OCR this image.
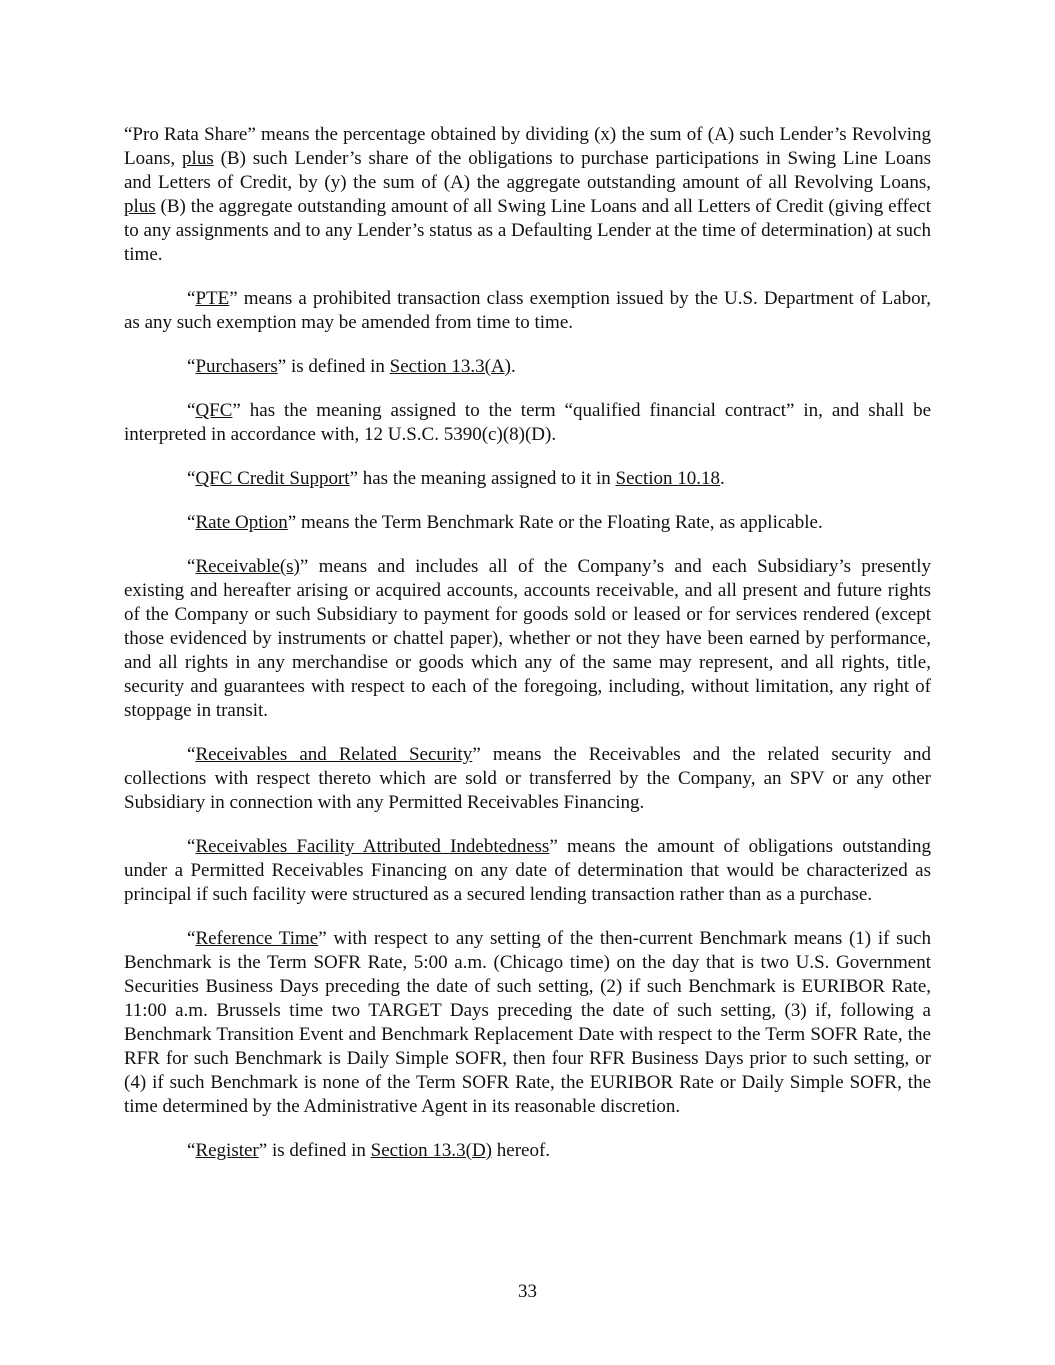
“Pro Rata Share” means the percentage obtained by dividing (x) the sum of (A) such Lender’s Revolving Loans, plus (B) such Lender’s share of the obligations to purchase participations in Swing Line Loans and Letters of Credit, by (y) the sum of (A) the aggregate outstanding amount of all Revolving Loans, plus (B) the aggregate outstanding amount of all Swing Line Loans and all Letters of Credit (giving effect to any assignments and to any Lender’s status as a Defaulting Lender at the time of determination) at such time.

“PTE” means a prohibited transaction class exemption issued by the U.S. Department of Labor, as any such exemption may be amended from time to time.

“Purchasers” is defined in Section 13.3(A).

“QFC” has the meaning assigned to the term “qualified financial contract” in, and shall be interpreted in accordance with, 12 U.S.C. 5390(c)(8)(D).

“QFC Credit Support” has the meaning assigned to it in Section 10.18.

“Rate Option” means the Term Benchmark Rate or the Floating Rate, as applicable.

“Receivable(s)” means and includes all of the Company’s and each Subsidiary’s presently existing and hereafter arising or acquired accounts, accounts receivable, and all present and future rights of the Company or such Subsidiary to payment for goods sold or leased or for services rendered (except those evidenced by instruments or chattel paper), whether or not they have been earned by performance, and all rights in any merchandise or goods which any of the same may represent, and all rights, title, security and guarantees with respect to each of the foregoing, including, without limitation, any right of stoppage in transit.

“Receivables and Related Security” means the Receivables and the related security and collections with respect thereto which are sold or transferred by the Company, an SPV or any other Subsidiary in connection with any Permitted Receivables Financing.

“Receivables Facility Attributed Indebtedness” means the amount of obligations outstanding under a Permitted Receivables Financing on any date of determination that would be characterized as principal if such facility were structured as a secured lending transaction rather than as a purchase.

“Reference Time” with respect to any setting of the then-current Benchmark means (1) if such Benchmark is the Term SOFR Rate, 5:00 a.m. (Chicago time) on the day that is two U.S. Government Securities Business Days preceding the date of such setting, (2) if such Benchmark is EURIBOR Rate, 11:00 a.m. Brussels time two TARGET Days preceding the date of such setting, (3) if, following a Benchmark Transition Event and Benchmark Replacement Date with respect to the Term SOFR Rate, the RFR for such Benchmark is Daily Simple SOFR, then four RFR Business Days prior to such setting, or (4) if such Benchmark is none of the Term SOFR Rate, the EURIBOR Rate or Daily Simple SOFR, the time determined by the Administrative Agent in its reasonable discretion.

“Register” is defined in Section 13.3(D) hereof.

33
